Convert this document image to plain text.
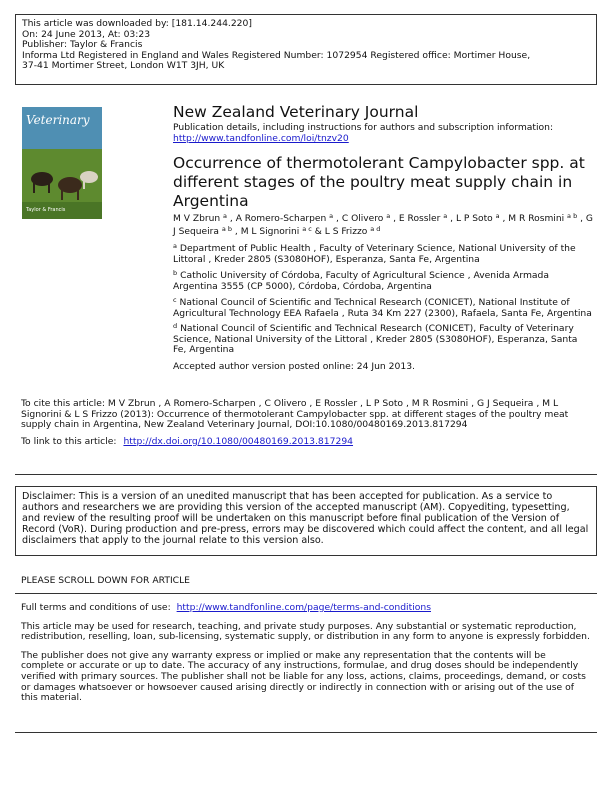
This article was downloaded by: [181.14.244.220]
On: 24 June 2013, At: 03:23
Publisher: Taylor & Francis
Informa Ltd Registered in England and Wales Registered Number: 1072954 Registered office: Mortimer House,
37-41 Mortimer Street, London W1T 3JH, UK
Veterinary
Taylor & Francis
New Zealand Veterinary Journal
Publication details, including instructions for authors and subscription information:
http://www.tandfonline.com/loi/tnzv20
Occurrence of thermotolerant Campylobacter spp. at different stages of the poultry meat supply chain in Argentina
M V Zbrun $^a$ , A Romero-Scharpen $^a$ , C Olivero $^a$ , E Rossler $^a$ , L P Soto $^a$ , M R Rosmini $^{a b}$ , G J Sequeira $^{a b}$ , M L Signorini $^{a c}$ & L S Frizzo $^{a d}$
$^a$ Department of Public Health , Faculty of Veterinary Science, National University of the Littoral , Kreder 2805 (S3080HOF), Esperanza, Santa Fe, Argentina
$^b$ Catholic University of Córdoba, Faculty of Agricultural Science , Avenida Armada Argentina 3555 (CP 5000), Córdoba, Córdoba, Argentina
$^c$ National Council of Scientific and Technical Research (CONICET), National Institute of Agricultural Technology EEA Rafaela , Ruta 34 Km 227 (2300), Rafaela, Santa Fe, Argentina
$^d$ National Council of Scientific and Technical Research (CONICET), Faculty of Veterinary Science, National University of the Littoral , Kreder 2805 (S3080HOF), Esperanza, Santa Fe, Argentina
Accepted author version posted online: 24 Jun 2013.
To cite this article: M V Zbrun , A Romero-Scharpen , C Olivero , E Rossler , L P Soto , M R Rosmini , G J Sequeira , M L Signorini & L S Frizzo (2013): Occurrence of thermotolerant Campylobacter spp. at different stages of the poultry meat supply chain in Argentina, New Zealand Veterinary Journal, DOI:10.1080/00480169.2013.817294
To link to this article: http://dx.doi.org/10.1080/00480169.2013.817294
Disclaimer: This is a version of an unedited manuscript that has been accepted for publication. As a service to authors and researchers we are providing this version of the accepted manuscript (AM). Copyediting, typesetting, and review of the resulting proof will be undertaken on this manuscript before final publication of the Version of Record (VoR). During production and pre-press, errors may be discovered which could affect the content, and all legal disclaimers that apply to the journal relate to this version also.
PLEASE SCROLL DOWN FOR ARTICLE
Full terms and conditions of use: http://www.tandfonline.com/page/terms-and-conditions

This article may be used for research, teaching, and private study purposes. Any substantial or systematic reproduction, redistribution, reselling, loan, sub-licensing, systematic supply, or distribution in any form to anyone is expressly forbidden.

The publisher does not give any warranty express or implied or make any representation that the contents will be complete or accurate or up to date. The accuracy of any instructions, formulae, and drug doses should be independently verified with primary sources. The publisher shall not be liable for any loss, actions, claims, proceedings, demand, or costs or damages whatsoever or howsoever caused arising directly or indirectly in connection with or arising out of the use of this material.
